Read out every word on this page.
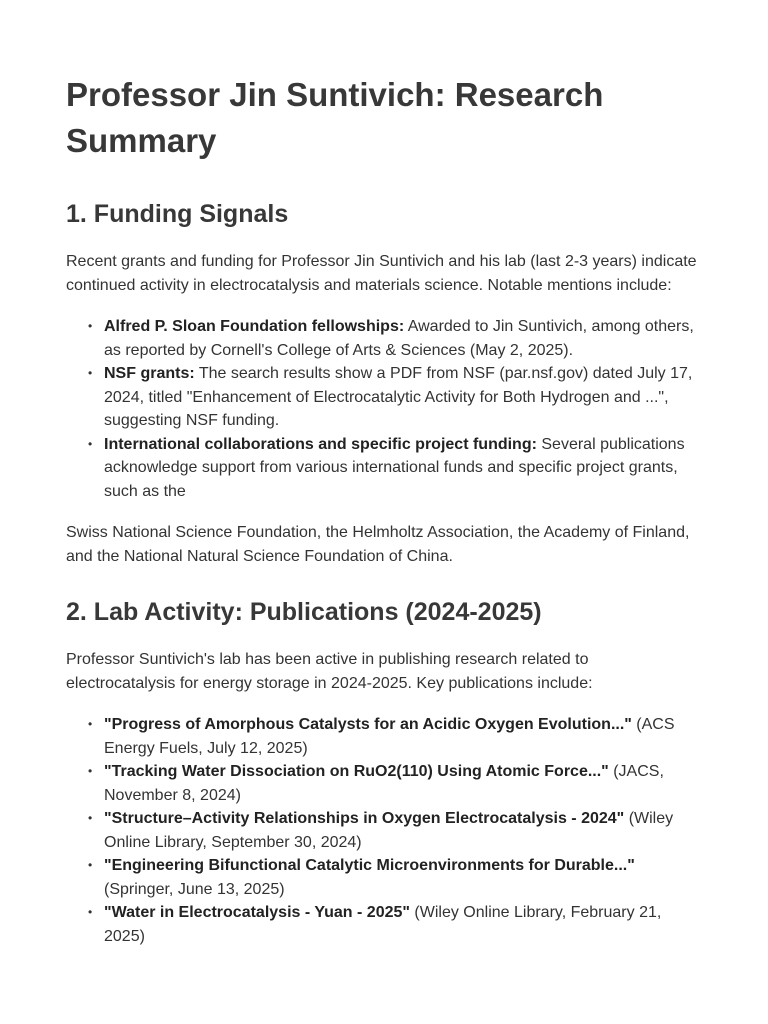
Professor Jin Suntivich: Research Summary
1. Funding Signals

Recent grants and funding for Professor Jin Suntivich and his lab (last 2-3 years) indicate continued activity in electrocatalysis and materials science. Notable mentions include:

• Alfred P. Sloan Foundation fellowships: Awarded to Jin Suntivich, among others, as reported by Cornell's College of Arts & Sciences (May 2, 2025).
• NSF grants: The search results show a PDF from NSF (par.nsf.gov) dated July 17, 2024, titled "Enhancement of Electrocatalytic Activity for Both Hydrogen and ...", suggesting NSF funding.
• International collaborations and specific project funding: Several publications acknowledge support from various international funds and specific project grants, such as the

Swiss National Science Foundation, the Helmholtz Association, the Academy of Finland, and the National Natural Science Foundation of China.

2. Lab Activity: Publications (2024-2025)

Professor Suntivich's lab has been active in publishing research related to electrocatalysis for energy storage in 2024-2025. Key publications include:

• "Progress of Amorphous Catalysts for an Acidic Oxygen Evolution..." (ACS Energy Fuels, July 12, 2025)
• "Tracking Water Dissociation on RuO2(110) Using Atomic Force..." (JACS, November 8, 2024)
• "Structure–Activity Relationships in Oxygen Electrocatalysis - 2024" (Wiley Online Library, September 30, 2024)
• "Engineering Bifunctional Catalytic Microenvironments for Durable..." (Springer, June 13, 2025)
• "Water in Electrocatalysis - Yuan - 2025" (Wiley Online Library, February 21, 2025)
